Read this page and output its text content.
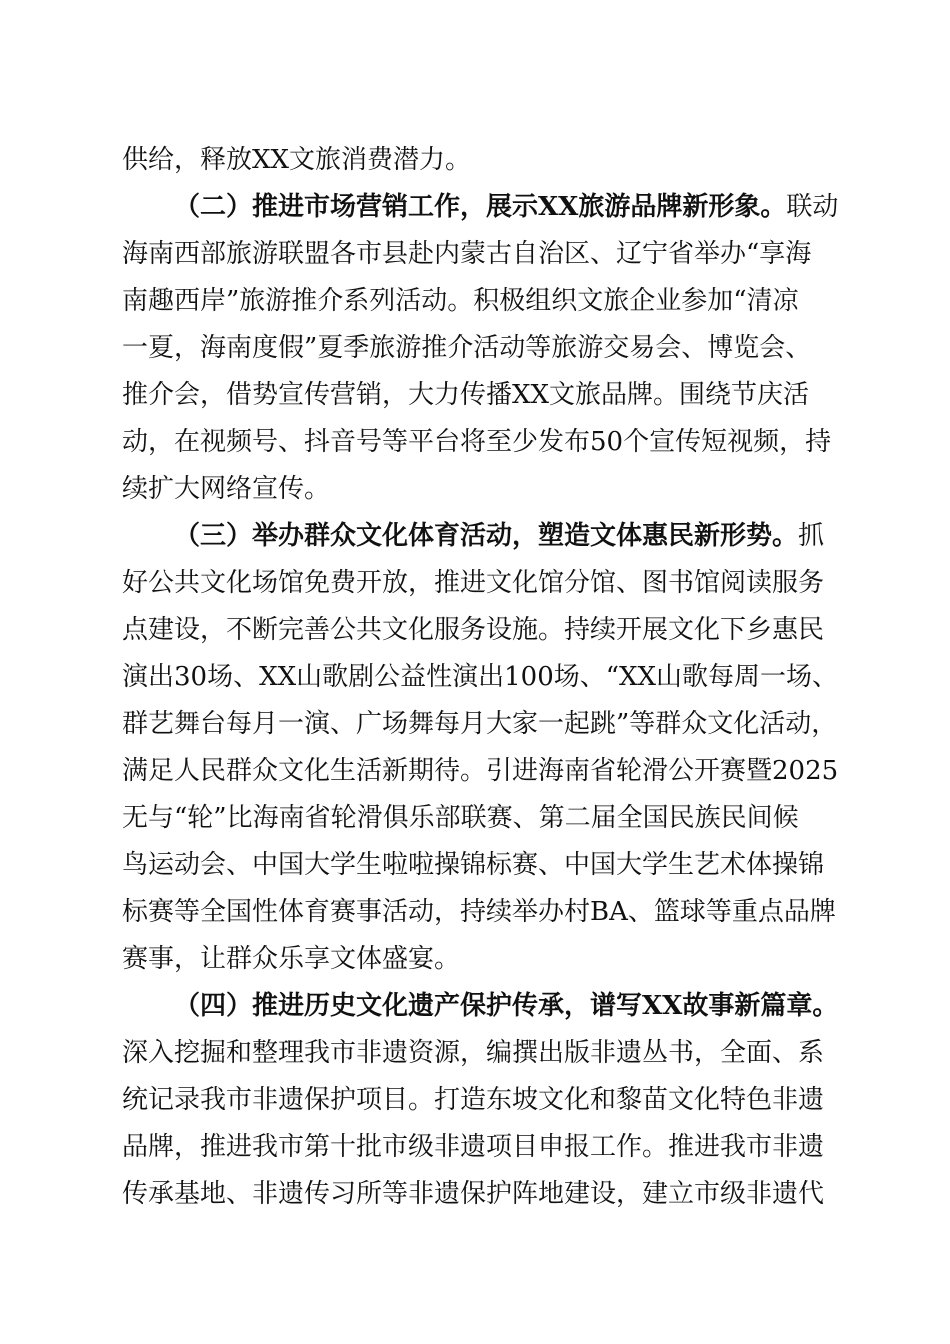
供给，释放XX文旅消费潜力。
（二）推进市场营销工作，展示XX旅游品牌新形象。联动
海南西部旅游联盟各市县赴内蒙古自治区、辽宁省举办“享海
南趣西岸”旅游推介系列活动。积极组织文旅企业参加“清凉
一夏，海南度假”夏季旅游推介活动等旅游交易会、博览会、
推介会，借势宣传营销，大力传播XX文旅品牌。围绕节庆活
动，在视频号、抖音号等平台将至少发布50个宣传短视频，持
续扩大网络宣传。
（三）举办群众文化体育活动，塑造文体惠民新形势。抓
好公共文化场馆免费开放，推进文化馆分馆、图书馆阅读服务
点建设，不断完善公共文化服务设施。持续开展文化下乡惠民
演出30场、XX山歌剧公益性演出100场、“XX山歌每周一场、
群艺舞台每月一演、广场舞每月大家一起跳”等群众文化活动，
满足人民群众文化生活新期待。引进海南省轮滑公开赛暨2025
无与“轮”比海南省轮滑俱乐部联赛、第二届全国民族民间候
鸟运动会、中国大学生啦啦操锦标赛、中国大学生艺术体操锦
标赛等全国性体育赛事活动，持续举办村BA、篮球等重点品牌
赛事，让群众乐享文体盛宴。
（四）推进历史文化遗产保护传承，谱写XX故事新篇章。
深入挖掘和整理我市非遗资源，编撰出版非遗丛书，全面、系
统记录我市非遗保护项目。打造东坡文化和黎苗文化特色非遗
品牌，推进我市第十批市级非遗项目申报工作。推进我市非遗
传承基地、非遗传习所等非遗保护阵地建设，建立市级非遗代
